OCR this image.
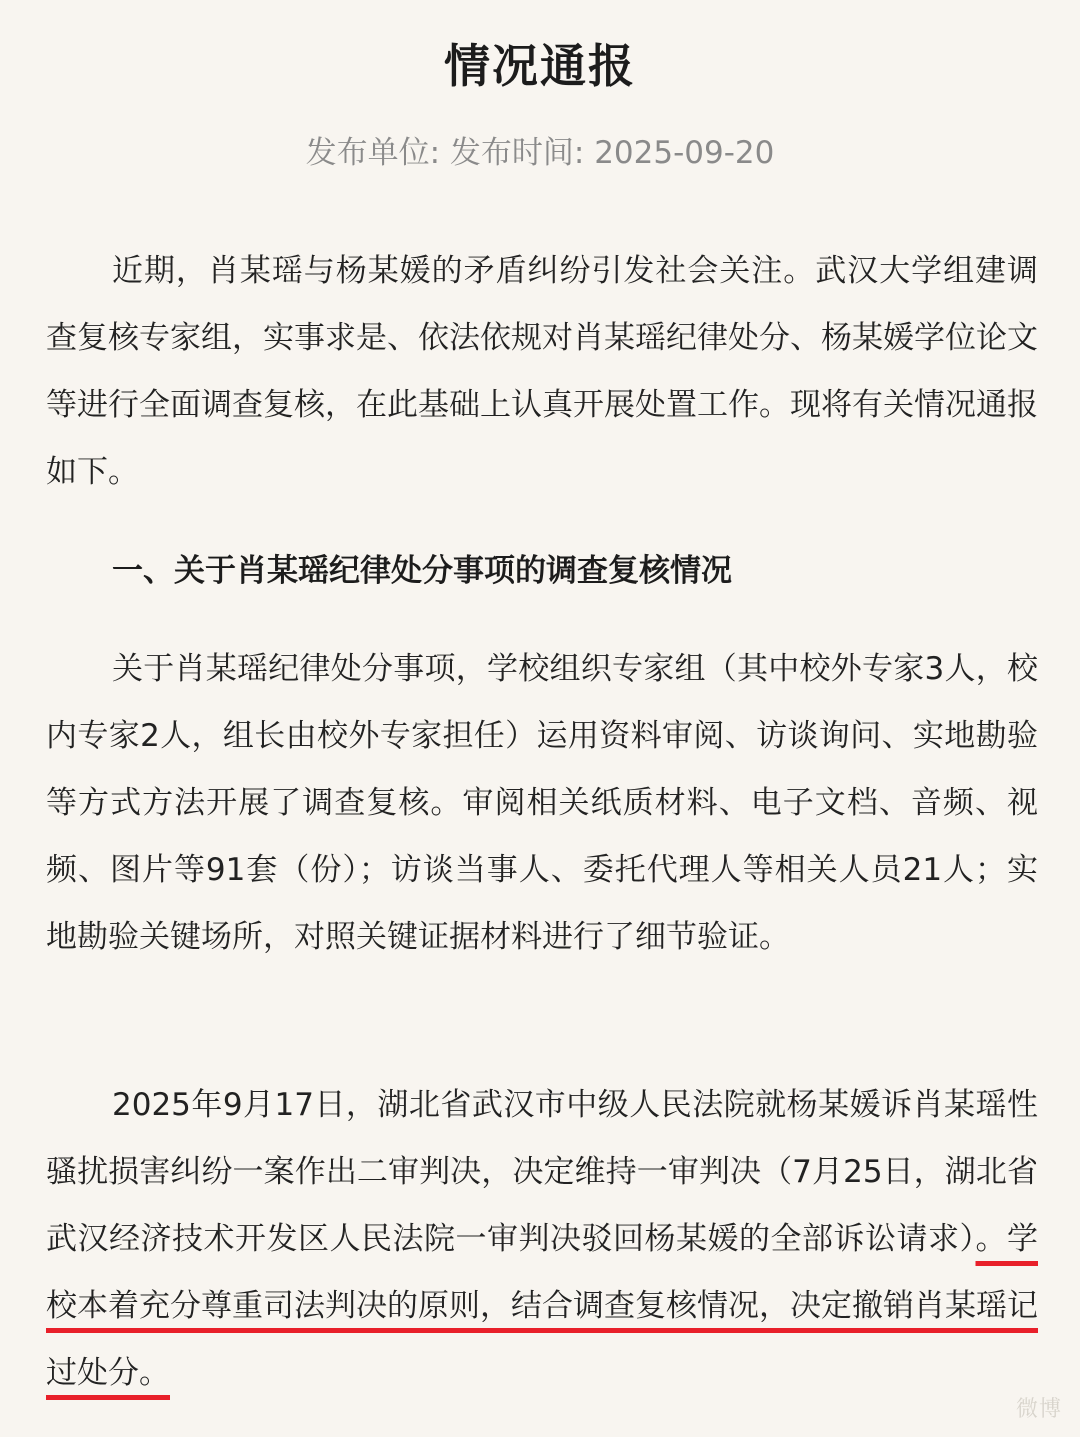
情况通报
发布单位: 发布时间: 2025-09-20

近期，肖某瑶与杨某媛的矛盾纠纷引发社会关注。武汉大学组建调查复核专家组，实事求是、依法依规对肖某瑶纪律处分、杨某媛学位论文等进行全面调查复核，在此基础上认真开展处置工作。现将有关情况通报如下。

一、关于肖某瑶纪律处分事项的调查复核情况

关于肖某瑶纪律处分事项，学校组织专家组（其中校外专家3人，校内专家2人，组长由校外专家担任）运用资料审阅、访谈询问、实地勘验等方式方法开展了调查复核。审阅相关纸质材料、电子文档、音频、视频、图片等91套（份）；访谈当事人、委托代理人等相关人员21人；实地勘验关键场所，对照关键证据材料进行了细节验证。

2025年9月17日，湖北省武汉市中级人民法院就杨某媛诉肖某瑶性骚扰损害纠纷一案作出二审判决，决定维持一审判决（7月25日，湖北省武汉经济技术开发区人民法院一审判决驳回杨某媛的全部诉讼请求）。学校本着充分尊重司法判决的原则，结合调查复核情况，决定撤销肖某瑶记过处分。

微博
